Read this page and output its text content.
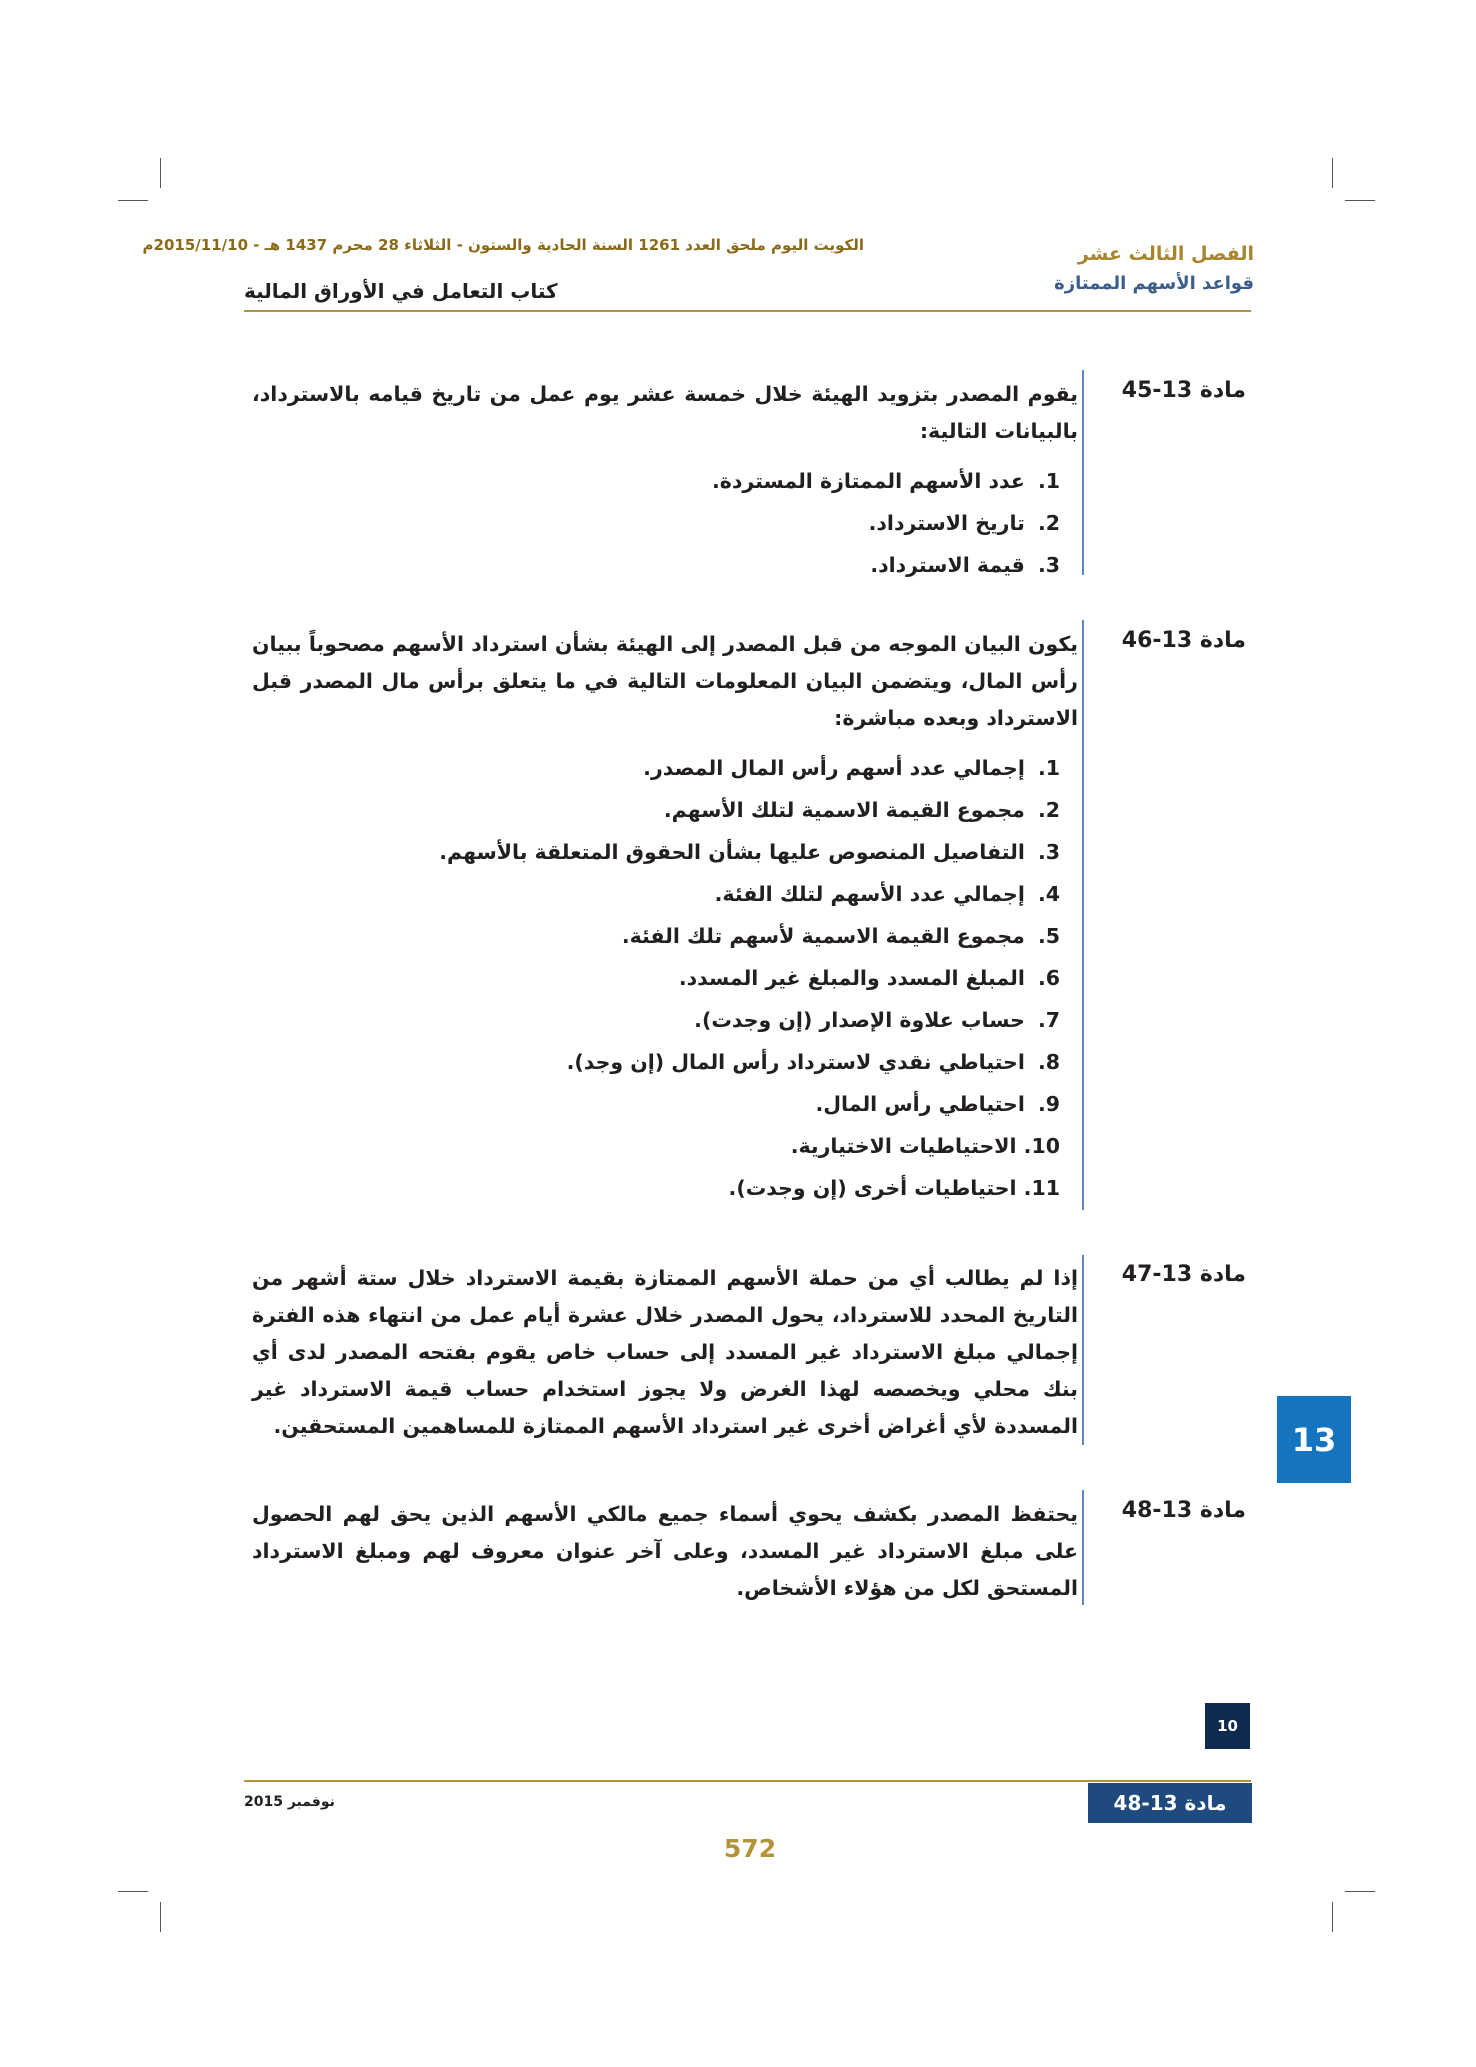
الكويت اليوم ملحق العدد 1261 السنة الحادية والستون - الثلاثاء 28 محرم 1437 هـ - 2015/11/10م	الفصل الثالث عشر
قواعد الأسهم الممتازة
كتاب التعامل في الأوراق المالية
مادة 13-45
يقوم المصدر بتزويد الهيئة خلال خمسة عشر يوم عمل من تاريخ قيامه بالاسترداد، بالبيانات التالية:
1. عدد الأسهم الممتازة المستردة.
2. تاريخ الاسترداد.
3. قيمة الاسترداد.
مادة 13-46
يكون البيان الموجه من قبل المصدر إلى الهيئة بشأن استرداد الأسهم مصحوباً ببيان رأس المال، ويتضمن البيان المعلومات التالية في ما يتعلق برأس مال المصدر قبل الاسترداد وبعده مباشرة:
1. إجمالي عدد أسهم رأس المال المصدر.
2. مجموع القيمة الاسمية لتلك الأسهم.
3. التفاصيل المنصوص عليها بشأن الحقوق المتعلقة بالأسهم.
4. إجمالي عدد الأسهم لتلك الفئة.
5. مجموع القيمة الاسمية لأسهم تلك الفئة.
6. المبلغ المسدد والمبلغ غير المسدد.
7. حساب علاوة الإصدار (إن وجدت).
8. احتياطي نقدي لاسترداد رأس المال (إن وجد).
9. احتياطي رأس المال.
10. الاحتياطيات الاختيارية.
11. احتياطيات أخرى (إن وجدت).
مادة 13-47
إذا لم يطالب أي من حملة الأسهم الممتازة بقيمة الاسترداد خلال ستة أشهر من التاريخ المحدد للاسترداد، يحول المصدر خلال عشرة أيام عمل من انتهاء هذه الفترة إجمالي مبلغ الاسترداد غير المسدد إلى حساب خاص يقوم بفتحه المصدر لدى أي بنك محلي ويخصصه لهذا الغرض ولا يجوز استخدام حساب قيمة الاسترداد غير المسددة لأي أغراض أخرى غير استرداد الأسهم الممتازة للمساهمين المستحقين.
مادة 13-48
يحتفظ المصدر بكشف يحوي أسماء جميع مالكي الأسهم الذين يحق لهم الحصول على مبلغ الاسترداد غير المسدد، وعلى آخر عنوان معروف لهم ومبلغ الاسترداد المستحق لكل من هؤلاء الأشخاص.
13
10
نوفمبر 2015	مادة 13-48
572
